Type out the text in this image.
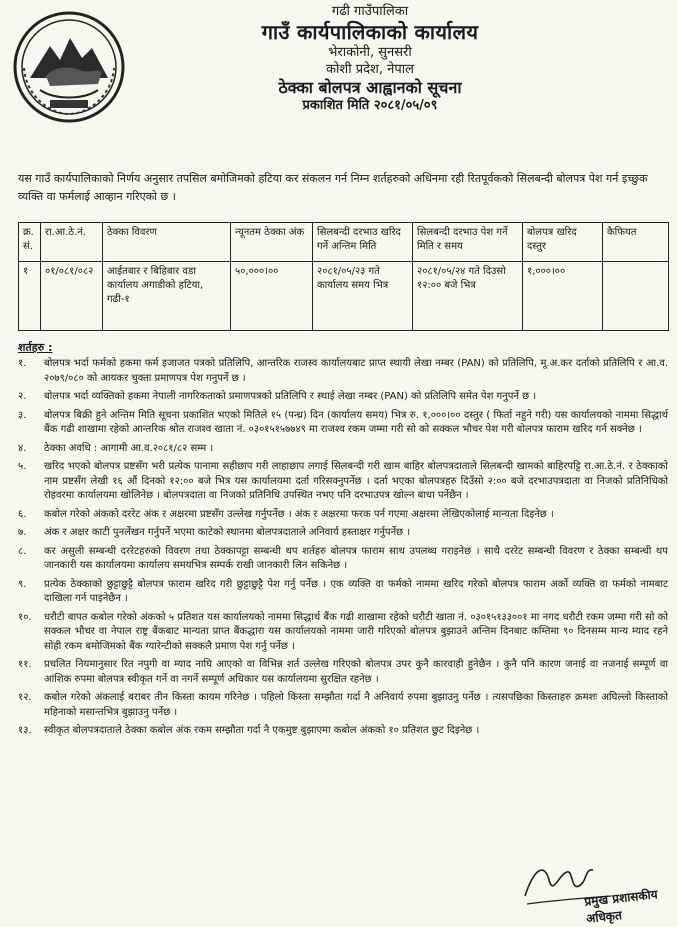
गढी गाउँपालिका
गाउँ कार्यपालिकाको कार्यालय
भेराकोनी, सुनसरी
कोशी प्रदेश, नेपाल
ठेक्का बोलपत्र आह्वानको सूचना
प्रकाशित मिति २०८१/०५/०९

यस गाउँ कार्यपालिकाको निर्णय अनुसार तपसिल बमोजिमको हटिया कर संकलन गर्न निम्न शर्तहरुको अधिनमा रही रितपूर्वकको सिलबन्दी बोलपत्र पेश गर्न इच्छुक व्यक्ति वा फर्मलाई आव्हान गरिएको छ ।

क्र. सं.	रा.आ.ठे.नं.	ठेक्का विवरण	न्यूनतम ठेक्का अंक	सिलबन्दी दरभाउ खरिद गर्ने अन्तिम मिति	सिलबन्दी दरभाउ पेश गर्ने मिति र समय	बोलपत्र खरिद दस्तुर	कैफियत
१	०१/०८१/०८२	आईतबार र बिहिबार वडा कार्यालय अगाडीको हटिया, गढी-१	५०,०००।००	२०८१/०५/२३ गते कार्यालय समय भित्र	२०८१/०५/२४ गते दिउसो १२:०० बजे भित्र	१,०००।००	
शर्तहरु :
१.	बोलपत्र भर्दा फर्मको हकमा फर्म इजाजत पत्रको प्रतिलिपि, आन्तरिक राजस्व कार्यालयबाट प्राप्त स्थायी लेखा नम्बर (PAN) को प्रतिलिपि, मू.अ.कर दर्ताको प्रतिलिपि र आ.व. २०७९/०८० को आयकर चुक्ता प्रमाणपत्र पेश गनुपर्ने छ ।
२.	बोलपत्र भर्दा व्यक्तिको हकमा नेपाली नागरिकताको प्रमाणपत्रको प्रतिलिपि र स्थाई लेखा नम्बर (PAN) को प्रतिलिपि समेत पेश गनुपर्ने छ ।
३.	बोलपत्र बिक्री हुने अन्तिम मिति सूचना प्रकाशित भएको मितिले १५ (पन्ध्र) दिन (कार्यालय समय) भित्र रु. १,०००।०० दस्तुर ( फिर्ता नहुने गरी) यस कार्यालयको नाममा सिद्धार्थ बैंक गढी शाखामा रहेको आन्तरिक श्रोत राजश्व खाता नं. ०३०१५१५७७४९ मा राजश्व रकम जम्मा गरी सो को सक्कल भौचर पेश गरी बोलपत्र फाराम खरिद गर्न सक्नेछ ।
४.	ठेक्का अवधि : आगामी आ.व.२०८१/८२ सम्म ।
५.	खरिद भएको बोलपत्र प्रष्टसँग भरी प्रत्येक पानामा सहीछाप गरी लाहाछाप लगाई सिलबन्दी गरी खाम बाहिर बोलपत्रदाताले सिलबन्दी खामको बाहिरपट्टि रा.आ.ठे.नं. र ठेक्काको नाम प्रष्टसँग लेखी १६ औं दिनको १२:०० बजे भित्र यस कार्यालयमा दर्ता गरिसक्नुपर्नेछ । दर्ता भएका बोलपत्रहरु दिउँसो २:०० बजे दरभाउपत्रदाता वा निजको प्रतिनिधिको रोहवरमा कार्यालयमा खोलिनेछ । बोलपत्रदाता वा निजको प्रतिनिधि उपस्थित नभए पनि दरभाउपत्र खोल्न बाधा पर्नेछैन ।
६.	कबोल गरेको अंकको दररेट अंक र अक्षरमा प्रष्टसँग उल्लेख गर्नुपर्नेछ । अंक र अक्षरमा फरक पर्न गएमा अक्षरमा लेखिएकोलाई मान्यता दिइनेछ ।
७.	अंक र अक्षर काटी पुनर्लेखन गर्नुपर्ने भएमा काटेको स्थानमा बोलपत्रदाताले अनिवार्य हस्ताक्षर गर्नुपर्नेछ ।
८.	कर असुली सम्बन्धी दररेटहरुको विवरण तथा ठेक्कापट्टा सम्बन्धी थप शर्तहरु बोलपत्र फाराम साथ उपलब्ध गराइनेछ । साथै दररेट सम्बन्धी विवरण र ठेक्का सम्बन्धी थप जानकारी यस कार्यालयमा कार्यालय समयभित्र सम्पर्क राखी जानकारी लिन सकिनेछ ।
९.	प्रत्येक ठेक्काको छुट्टाछुट्टै बोलपत्र फाराम खरिद गरी छुट्टाछुट्टै पेश गर्नु पर्नेछ । एक व्यक्ति वा फर्मको नाममा खरिद गरेको बोलपत्र फाराम अर्को व्यक्ति वा फर्मको नामबाट दाखिला गर्न पाइनेछैन ।
१०.	धरौटी बापत कबोल गरेको अंकको ५ प्रतिशत यस कार्यालयको नाममा सिद्धार्थ बैंक गढी शाखामा रहेको धरौटी खाता नं. ०३०१५१३३००१ मा नगद धरौटी रकम जम्मा गरी सो को सक्कल भौचर वा नेपाल राष्ट्र बैंकबाट मान्यता प्राप्त बैंकद्धारा यस कार्यालयको नाममा जारी गरिएको बोलपत्र बुझाउने अन्तिम दिनबाट कम्तिमा ९० दिनसम्म मान्य म्याद रहने सोही रकम बमोजिमको बैंक ग्यारेन्टीको सक्कलै प्रमाण पेश गर्नु पर्नेछ ।
११.	प्रचलित नियमानुसार रित नपुगी वा म्याद नाघि आएको वा विभिन्न शर्त उल्लेख गरिएको बोलपत्र उपर कुनै कारवाही हुनेछैन । कुनै पनि कारण जनाई वा नजनाई सम्पूर्ण वा आंशिक रुपमा बोलपत्र स्वीकृत गर्ने वा नगर्ने सम्पूर्ण अधिकार यस कार्यालयमा सुरक्षित रहनेछ ।
१२.	कबोल गरेको अंकलाई बराबर तीन किस्ता कायम गरिनेछ । पहिलो किस्ता सम्झौता गर्दा नै अनिवार्य रुपमा बुझाउनु पर्नेछ । त्यसपछिका किस्ताहरु क्रमशः अघिल्लो किस्ताको महिनाको मसान्तभित्र बुझाउनु पर्नेछ ।
१३.	स्वीकृत बोलपत्रदाताले ठेक्का कबोल अंक रकम सम्झौता गर्दा नै एकमुष्ट बुझाएमा कबोल अंकको १० प्रतिशत छुट दिइनेछ ।
प्रमुख प्रशासकीय अधिकृत
